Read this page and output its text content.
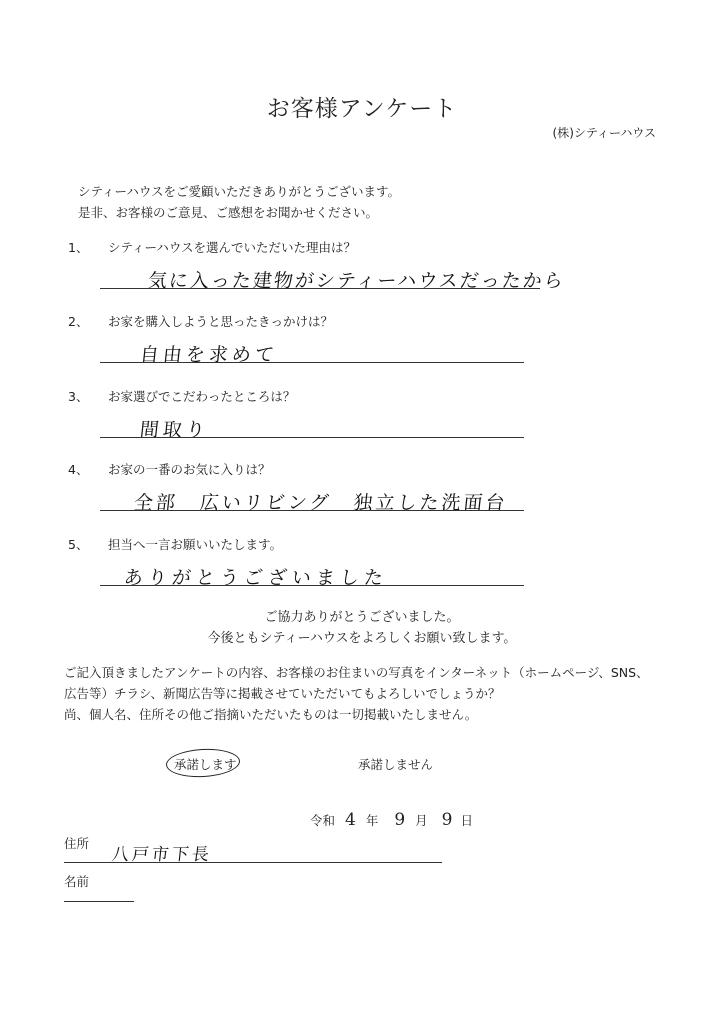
お客様アンケート
(株)シティーハウス
シティーハウスをご愛顧いただきありがとうございます。
是非、お客様のご意見、ご感想をお聞かせください。
1、 シティーハウスを選んでいただいた理由は？
気に入った建物がシティーハウスだったから
2、 お家を購入しようと思ったきっかけは？
自由を求めて
3、 お家選びでこだわったところは？
間取り
4、 お家の一番のお気に入りは？
全部　広いリビング　独立した洗面台
5、 担当へ一言お願いいたします。
ありがとうございました
ご協力ありがとうございました。
今後ともシティーハウスをよろしくお願い致します。
ご記入頂きましたアンケートの内容、お客様のお住まいの写真をインターネット（ホームページ、SNS、
広告等）チラシ、新聞広告等に掲載させていただいてもよろしいでしょうか？
尚、個人名、住所その他ご指摘いただいたものは一切掲載いたしません。
承諾します	承諾しません
令和 4 年 9 月 9 日
住所
八戸市下長
名前
